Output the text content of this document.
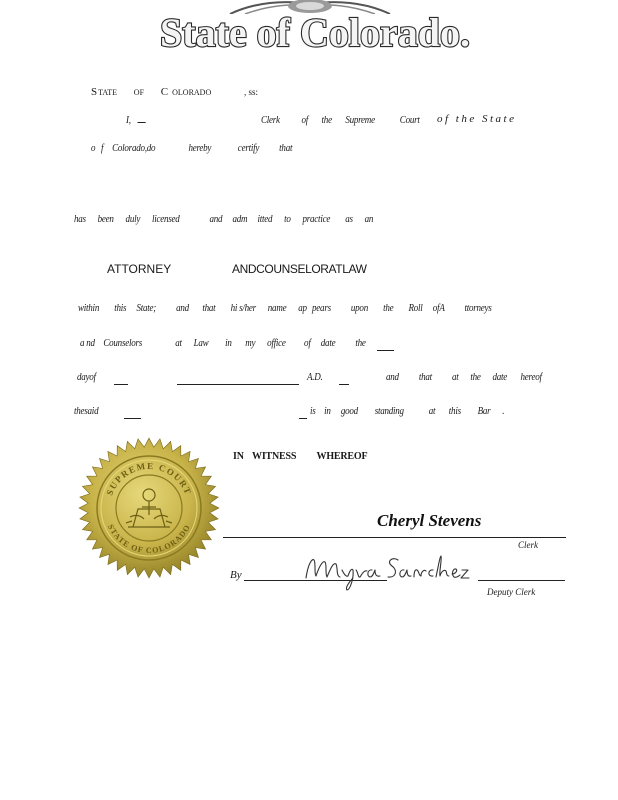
State of Colorado.
STATE OF C OLORADO	, ss:
I,	Clerk of the Supreme Court of the State
o f Colorado,do	hereby certify that
has been duly licensed	and adm itted to practice as an
ATTORNEY	ANDCOUNSELORATLAW
within this State; and that hi s/her name ap pears upon the Roll ofA ttorneys
a nd Counselors	at Law in my office of date the
dayof	A.D.	and that at the date hereof
thesaid	is in good standing at this Bar .
IN WITNESS WHEREOF
SUPREME COURT
STATE OF COLORADO	Cheryl Stevens
Clerk
By
Deputy Clerk
